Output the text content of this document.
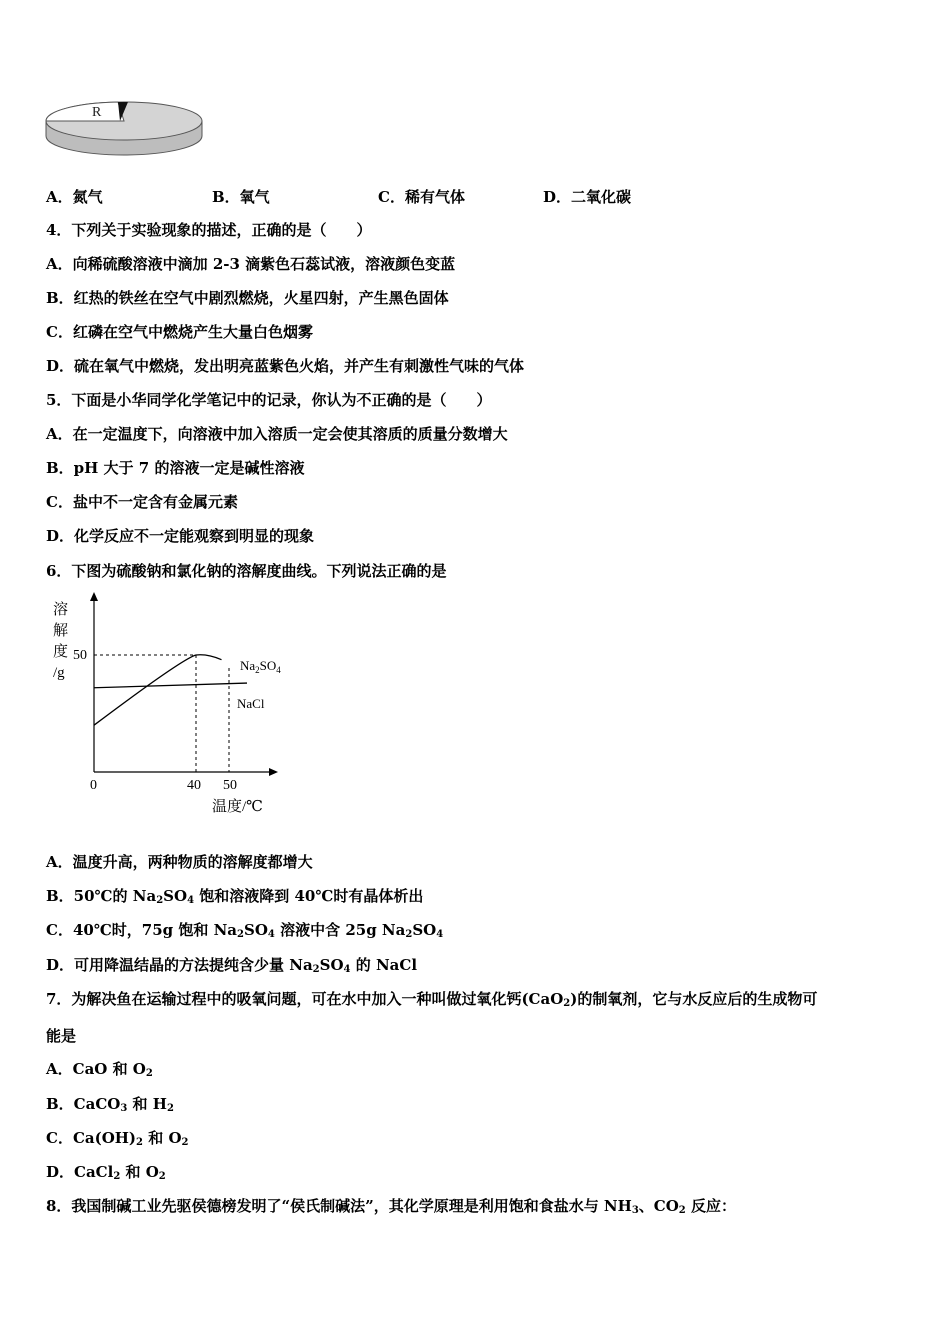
R
A．氮气	B．氧气	C．稀有气体	D．二氧化碳
4．下列关于实验现象的描述，正确的是（　　）
A．向稀硫酸溶液中滴加 2-3 滴紫色石蕊试液，溶液颜色变蓝
B．红热的铁丝在空气中剧烈燃烧，火星四射，产生黑色固体
C．红磷在空气中燃烧产生大量白色烟雾
D．硫在氧气中燃烧，发出明亮蓝紫色火焰，并产生有刺激性气味的气体
5．下面是小华同学化学笔记中的记录，你认为不正确的是（　　）
A．在一定温度下，向溶液中加入溶质一定会使其溶质的质量分数增大
B．pH 大于 7 的溶液一定是碱性溶液
C．盐中不一定含有金属元素
D．化学反应不一定能观察到明显的现象
6．下图为硫酸钠和氯化钠的溶解度曲线。下列说法正确的是
溶
解
度
/g
50
0	40 50
温度/℃
$Na_2SO_4$
NaCl
A．温度升高，两种物质的溶解度都增大
B．50℃的 $Na_2SO_4$ 饱和溶液降到 40℃时有晶体析出
C．40℃时，75g 饱和 $Na_2SO_4$ 溶液中含 25g $Na_2SO_4$
D．可用降温结晶的方法提纯含少量 $Na_2SO_4$ 的 NaCl
7．为解决鱼在运输过程中的吸氧问题，可在水中加入一种叫做过氧化钙(CaO$_2$)的制氧剂，它与水反应后的生成物可
能是
A．CaO 和 $O_2$
B．CaCO$_3$ 和 $H_2$
C．$Ca(OH)_2$ 和 $O_2$
D．CaCl$_2$ 和 $O_2$
8．我国制碱工业先驱侯德榜发明了“侯氏制碱法”，其化学原理是利用饱和食盐水与 $NH_3$、$CO_2$ 反应：
